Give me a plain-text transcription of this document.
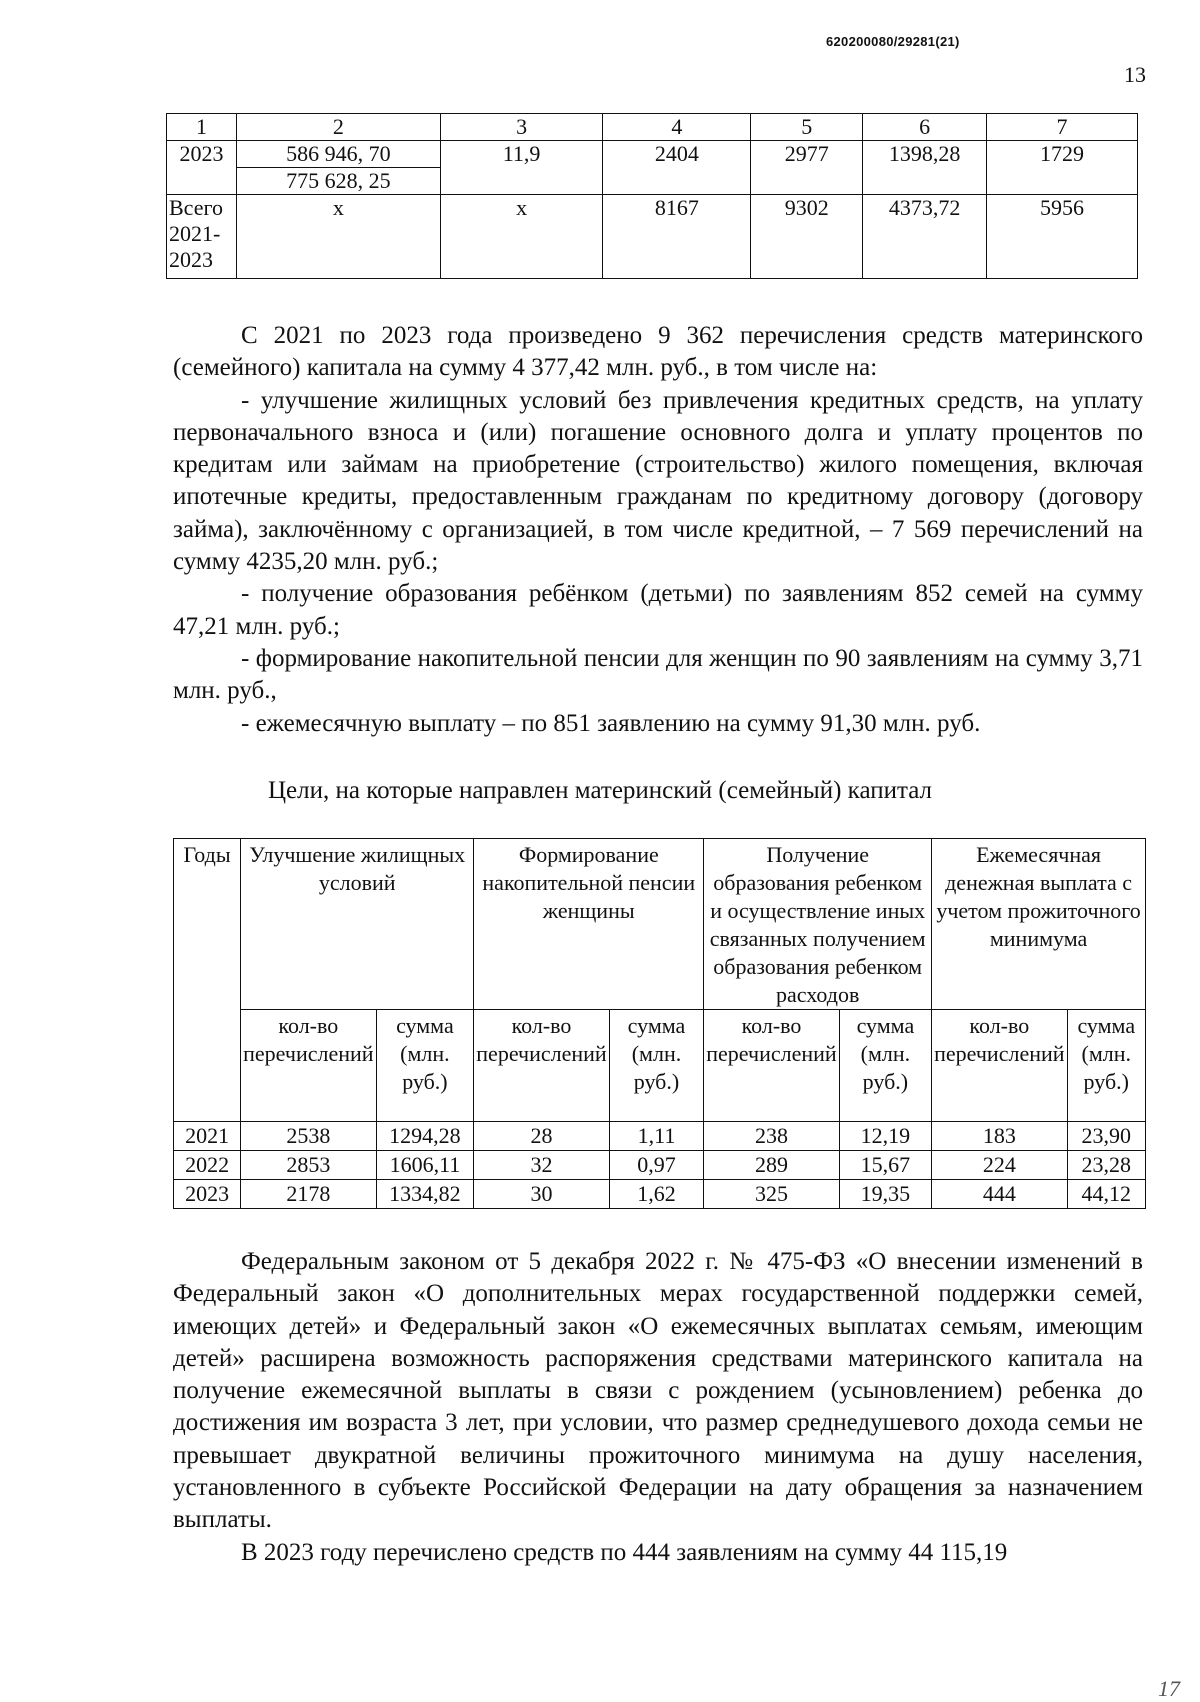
620200080/29281(21)
13
1	2	3	4	5	6	7
2023	586 946, 70	11,9	2404	2977	1398,28	1729
	775 628, 25					
Всего 2021-2023	x	x	8167	9302	4373,72	5956

С 2021 по 2023 года произведено 9 362 перечисления средств материнского (семейного) капитала на сумму 4 377,42 млн. руб., в том числе на:

- улучшение жилищных условий без привлечения кредитных средств, на уплату первоначального взноса и (или) погашение основного долга и уплату процентов по кредитам или займам на приобретение (строительство) жилого помещения, включая ипотечные кредиты, предоставленным гражданам по кредитному договору (договору займа), заключённому с организацией, в том числе кредитной, – 7 569 перечислений на сумму 4235,20 млн. руб.;

- получение образования ребёнком (детьми) по заявлениям 852 семей на сумму 47,21 млн. руб.;

- формирование накопительной пенсии для женщин по 90 заявлениям на сумму 3,71 млн. руб.,

- ежемесячную выплату – по 851 заявлению на сумму 91,30 млн. руб.

Цели, на которые направлен материнский (семейный) капитал
Годы	Улучшение жилищных условий		Формирование накопительной пенсии женщины		Получение образования ребенком и осуществление иных связанных получением образования ребенком расходов		Ежемесячная денежная выплата с учетом прожиточного минимума	
	кол-во перечислений	сумма (млн. руб.)	кол-во перечислений	сумма (млн. руб.)	кол-во перечислений	сумма (млн. руб.)	кол-во перечислений	сумма (млн. руб.)
2021	2538	1294,28	28	1,11	238	12,19	183	23,90
2022	2853	1606,11	32	0,97	289	15,67	224	23,28
2023	2178	1334,82	30	1,62	325	19,35	444	44,12

Федеральным законом от 5 декабря 2022 г. № 475-ФЗ «О внесении изменений в Федеральный закон «О дополнительных мерах государственной поддержки семей, имеющих детей» и Федеральный закон «О ежемесячных выплатах семьям, имеющим детей» расширена возможность распоряжения средствами материнского капитала на получение ежемесячной выплаты в связи с рождением (усыновлением) ребенка до достижения им возраста 3 лет, при условии, что размер среднедушевого дохода семьи не превышает двукратной величины прожиточного минимума на душу населения, установленного в субъекте Российской Федерации на дату обращения за назначением выплаты.

В 2023 году перечислено средств по 444 заявлениям на сумму 44 115,19

17
